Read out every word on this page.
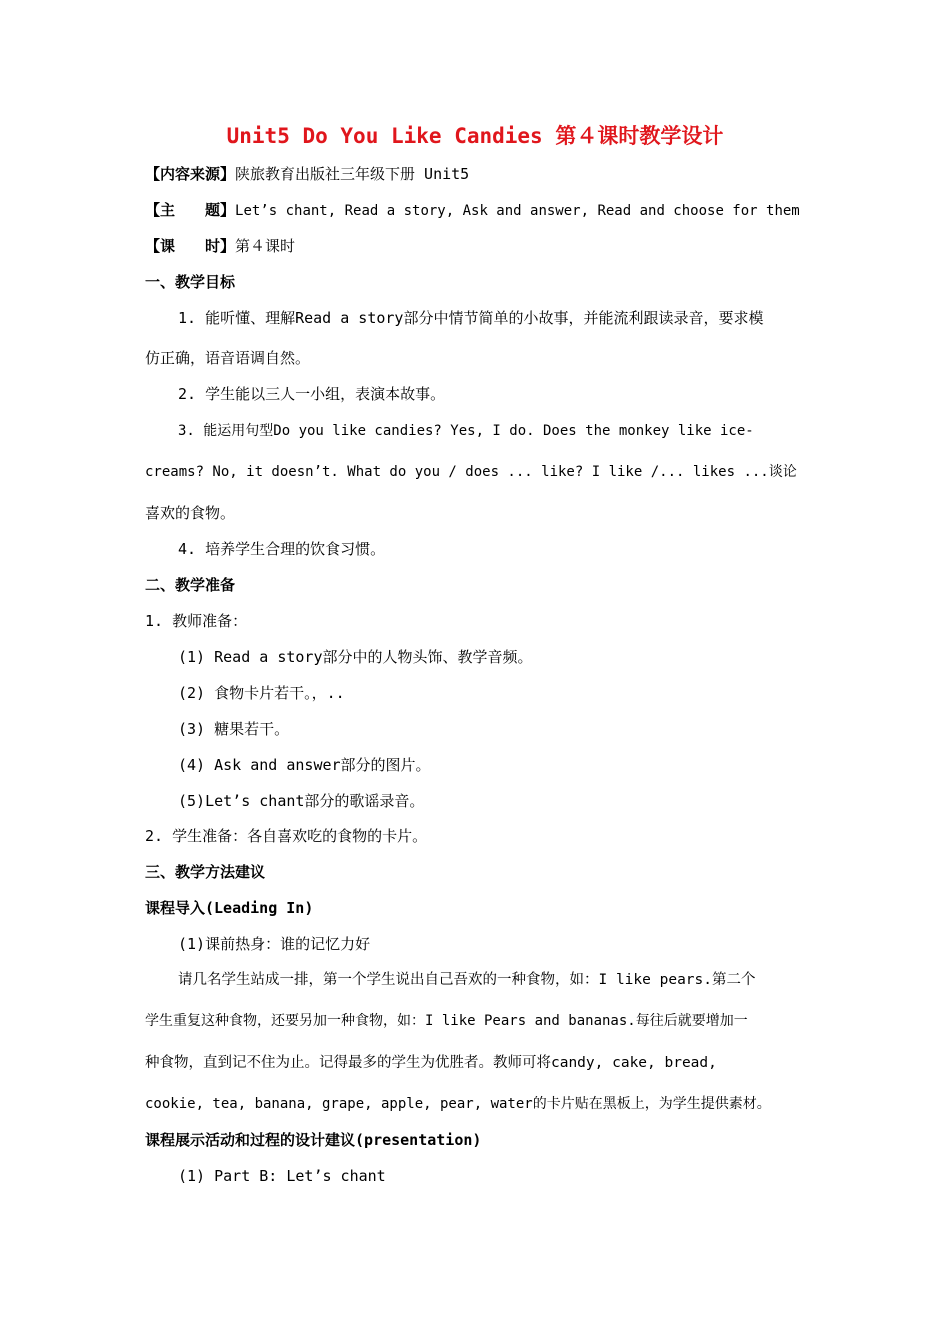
Unit5 Do You Like Candies 第４课时教学设计
【内容来源】陕旅教育出版社三年级下册 Unit5
【主　　题】Let’s chant, Read a story, Ask and answer, Read and choose for them
【课　　时】第４课时
一、教学目标
1. 能听懂、理解Read a story部分中情节简单的小故事，并能流利跟读录音，要求模
仿正确，语音语调自然。
2. 学生能以三人一小组，表演本故事。
3. 能运用句型Do you like candies? Yes, I do. Does the monkey like ice-
creams? No, it doesn’t. What do you / does ... like? I like /... likes ...谈论
喜欢的食物。
4. 培养学生合理的饮食习惯。
二、教学准备
1. 教师准备：
(1) Read a story部分中的人物头饰、教学音频。
(2) 食物卡片若干。，..
(3) 糖果若干。
(4) Ask and answer部分的图片。
(5)Let’s chant部分的歌谣录音。
2. 学生准备：各自喜欢吃的食物的卡片。
三、教学方法建议
课程导入(Leading In)
(1)课前热身：谁的记忆力好
请几名学生站成一排，第一个学生说出自己吾欢的一种食物，如：I like pears.第二个
学生重复这种食物，还要另加一种食物，如：I like Pears and bananas.每往后就要增加一
种食物，直到记不住为止。记得最多的学生为优胜者。教师可将candy, cake, bread,
cookie, tea, banana, grape, apple, pear, water的卡片贴在黑板上，为学生提供素材。
课程展示活动和过程的设计建议(presentation)
(1) Part B: Let’s chant
